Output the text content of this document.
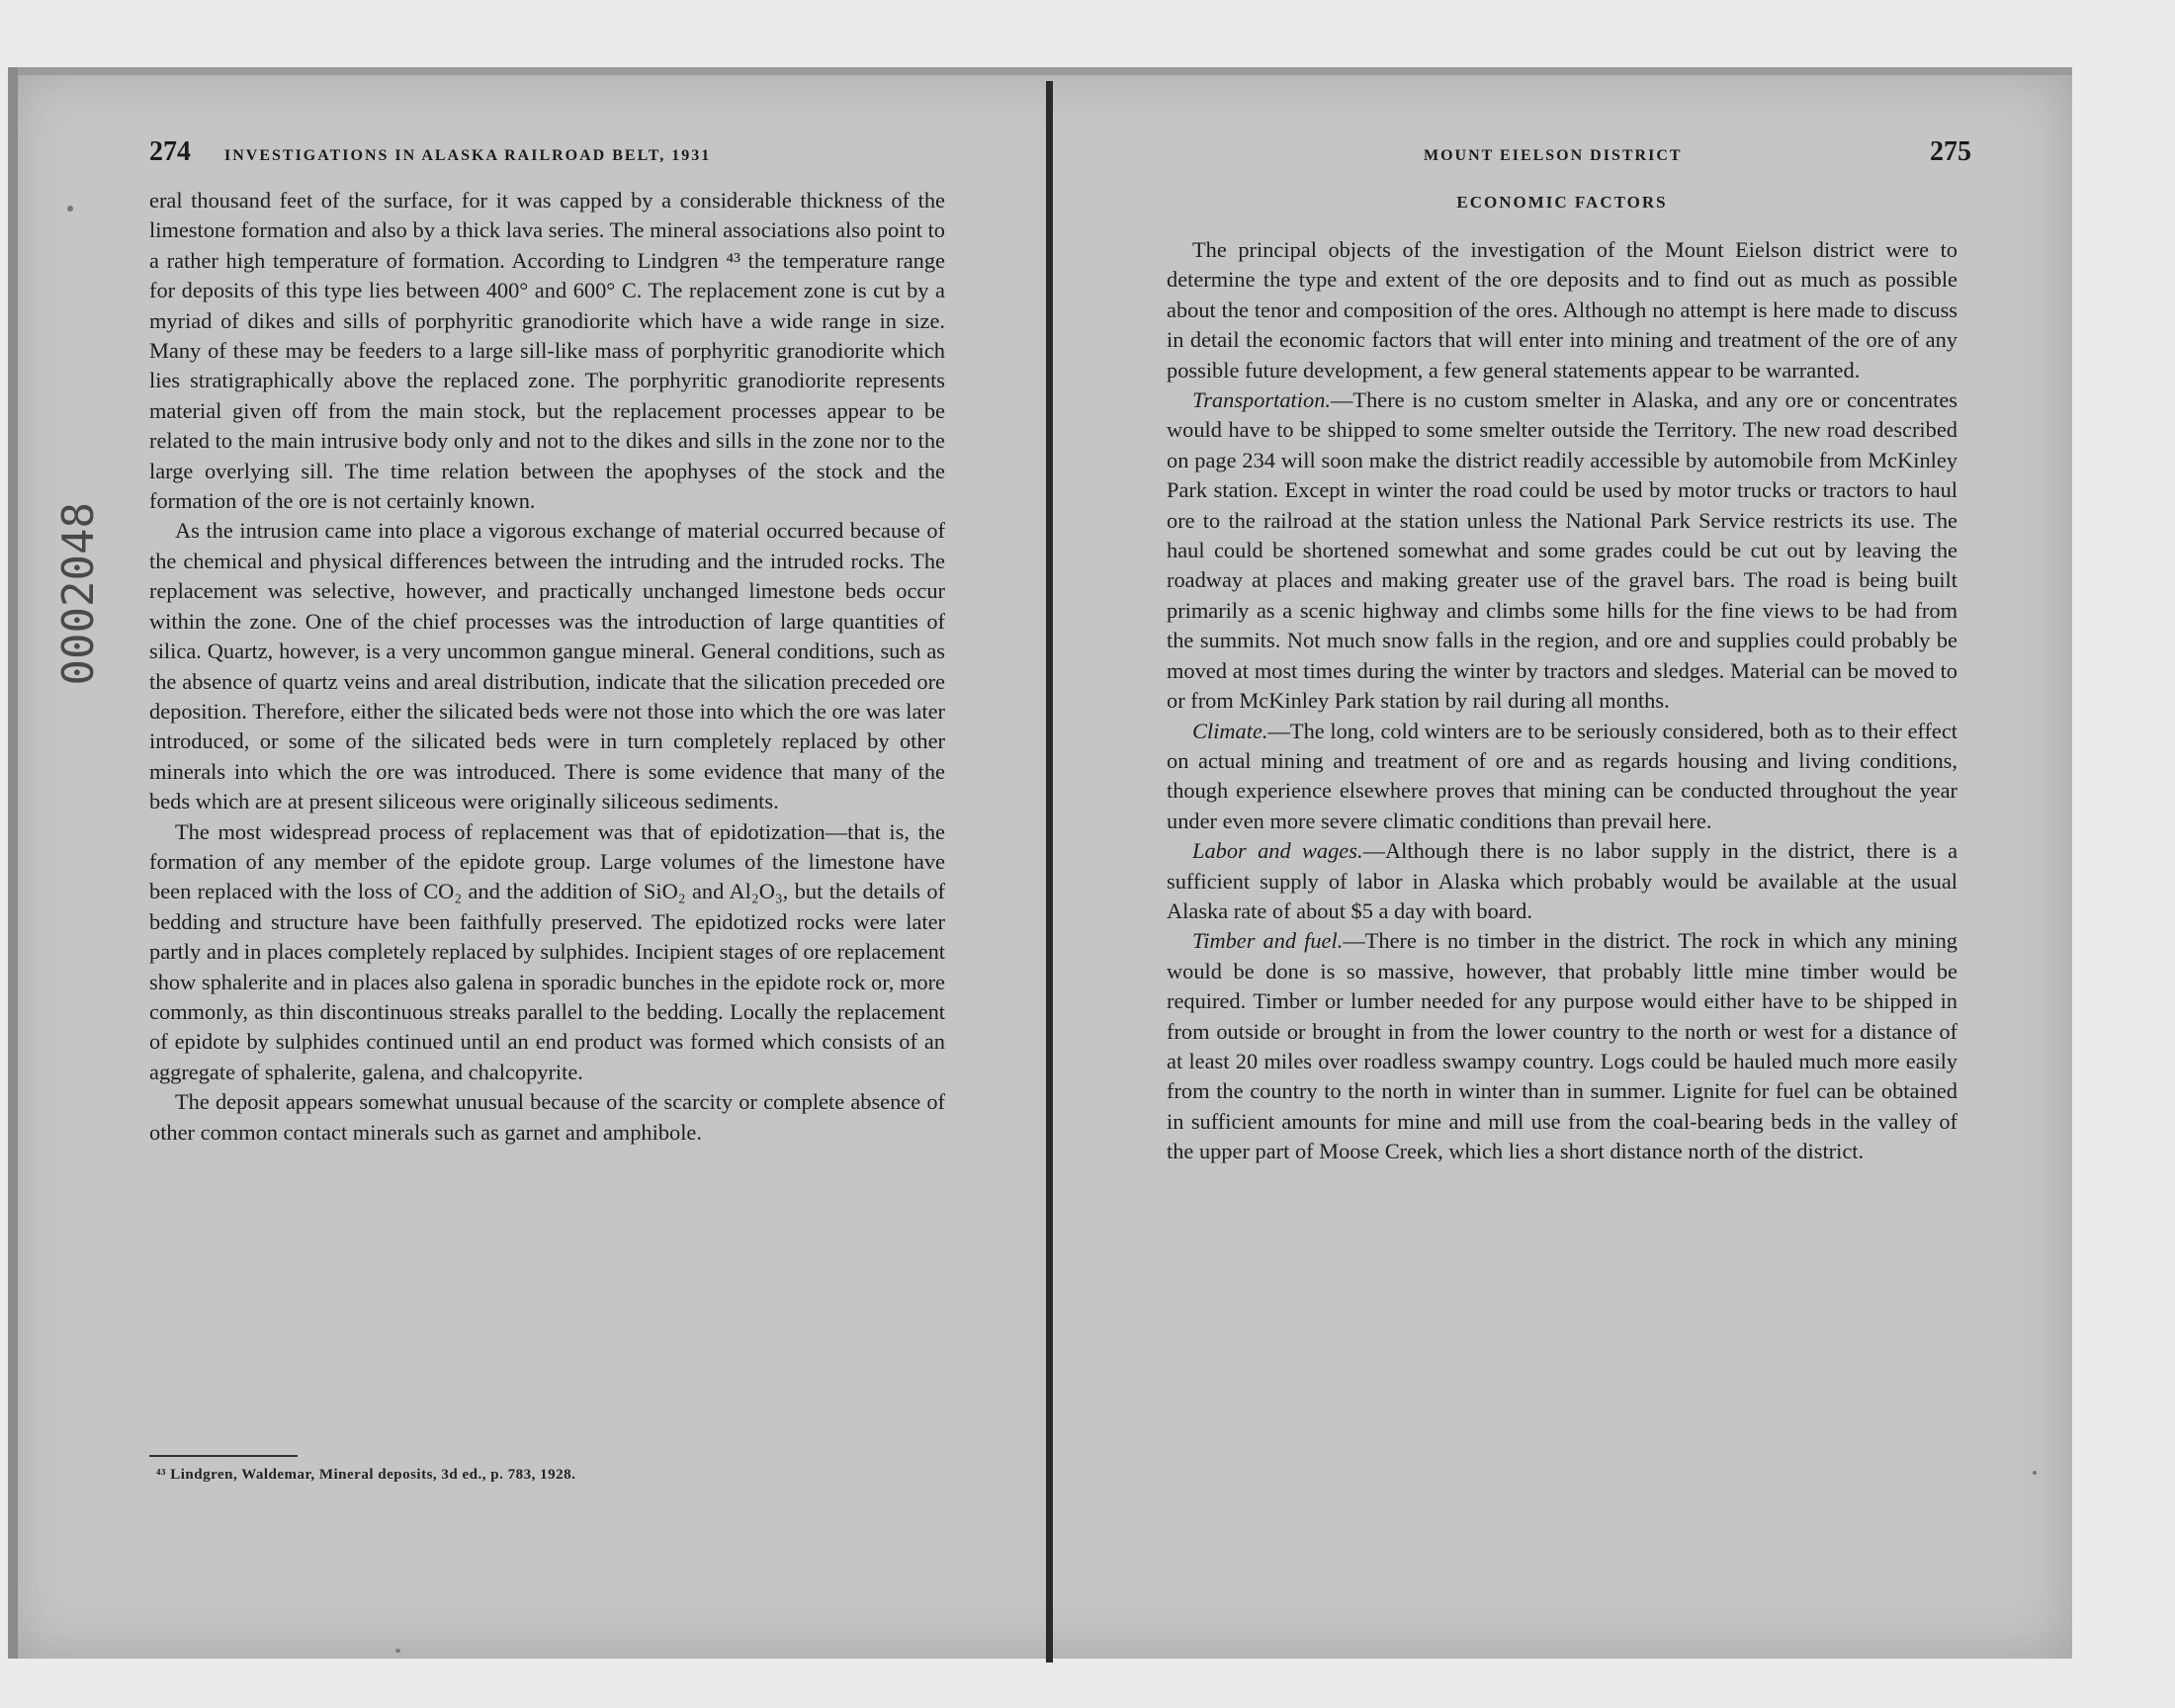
0002048
274 INVESTIGATIONS IN ALASKA RAILROAD BELT, 1931

eral thousand feet of the surface, for it was capped by a considerable thickness of the limestone formation and also by a thick lava series. The mineral associations also point to a rather high temperature of formation. According to Lindgren ⁴³ the temperature range for deposits of this type lies between 400° and 600° C. The replacement zone is cut by a myriad of dikes and sills of porphyritic granodiorite which have a wide range in size. Many of these may be feeders to a large sill-like mass of porphyritic granodiorite which lies stratigraphically above the replaced zone. The porphyritic granodiorite represents material given off from the main stock, but the replacement processes appear to be related to the main intrusive body only and not to the dikes and sills in the zone nor to the large overlying sill. The time relation between the apophyses of the stock and the formation of the ore is not certainly known.

As the intrusion came into place a vigorous exchange of material occurred because of the chemical and physical differences between the intruding and the intruded rocks. The replacement was selective, however, and practically unchanged limestone beds occur within the zone. One of the chief processes was the introduction of large quantities of silica. Quartz, however, is a very uncommon gangue mineral. General conditions, such as the absence of quartz veins and areal distribution, indicate that the silication preceded ore deposition. Therefore, either the silicated beds were not those into which the ore was later introduced, or some of the silicated beds were in turn completely replaced by other minerals into which the ore was introduced. There is some evidence that many of the beds which are at present siliceous were originally siliceous sediments.

The most widespread process of replacement was that of epidotization—that is, the formation of any member of the epidote group. Large volumes of the limestone have been replaced with the loss of CO₂ and the addition of SiO₂ and Al₂O₃, but the details of bedding and structure have been faithfully preserved. The epidotized rocks were later partly and in places completely replaced by sulphides. Incipient stages of ore replacement show sphalerite and in places also galena in sporadic bunches in the epidote rock or, more commonly, as thin discontinuous streaks parallel to the bedding. Locally the replacement of epidote by sulphides continued until an end product was formed which consists of an aggregate of sphalerite, galena, and chalcopyrite.

The deposit appears somewhat unusual because of the scarcity or complete absence of other common contact minerals such as garnet and amphibole.

⁴³ Lindgren, Waldemar, Mineral deposits, 3d ed., p. 783, 1928.
MOUNT EIELSON DISTRICT	275
ECONOMIC FACTORS

The principal objects of the investigation of the Mount Eielson district were to determine the type and extent of the ore deposits and to find out as much as possible about the tenor and composition of the ores. Although no attempt is here made to discuss in detail the economic factors that will enter into mining and treatment of the ore of any possible future development, a few general statements appear to be warranted.

Transportation.—There is no custom smelter in Alaska, and any ore or concentrates would have to be shipped to some smelter outside the Territory. The new road described on page 234 will soon make the district readily accessible by automobile from McKinley Park station. Except in winter the road could be used by motor trucks or tractors to haul ore to the railroad at the station unless the National Park Service restricts its use. The haul could be shortened somewhat and some grades could be cut out by leaving the roadway at places and making greater use of the gravel bars. The road is being built primarily as a scenic highway and climbs some hills for the fine views to be had from the summits. Not much snow falls in the region, and ore and supplies could probably be moved at most times during the winter by tractors and sledges. Material can be moved to or from McKinley Park station by rail during all months.

Climate.—The long, cold winters are to be seriously considered, both as to their effect on actual mining and treatment of ore and as regards housing and living conditions, though experience elsewhere proves that mining can be conducted throughout the year under even more severe climatic conditions than prevail here.

Labor and wages.—Although there is no labor supply in the district, there is a sufficient supply of labor in Alaska which probably would be available at the usual Alaska rate of about $5 a day with board.

Timber and fuel.—There is no timber in the district. The rock in which any mining would be done is so massive, however, that probably little mine timber would be required. Timber or lumber needed for any purpose would either have to be shipped in from outside or brought in from the lower country to the north or west for a distance of at least 20 miles over roadless swampy country. Logs could be hauled much more easily from the country to the north in winter than in summer. Lignite for fuel can be obtained in sufficient amounts for mine and mill use from the coal-bearing beds in the valley of the upper part of Moose Creek, which lies a short distance north of the district.
